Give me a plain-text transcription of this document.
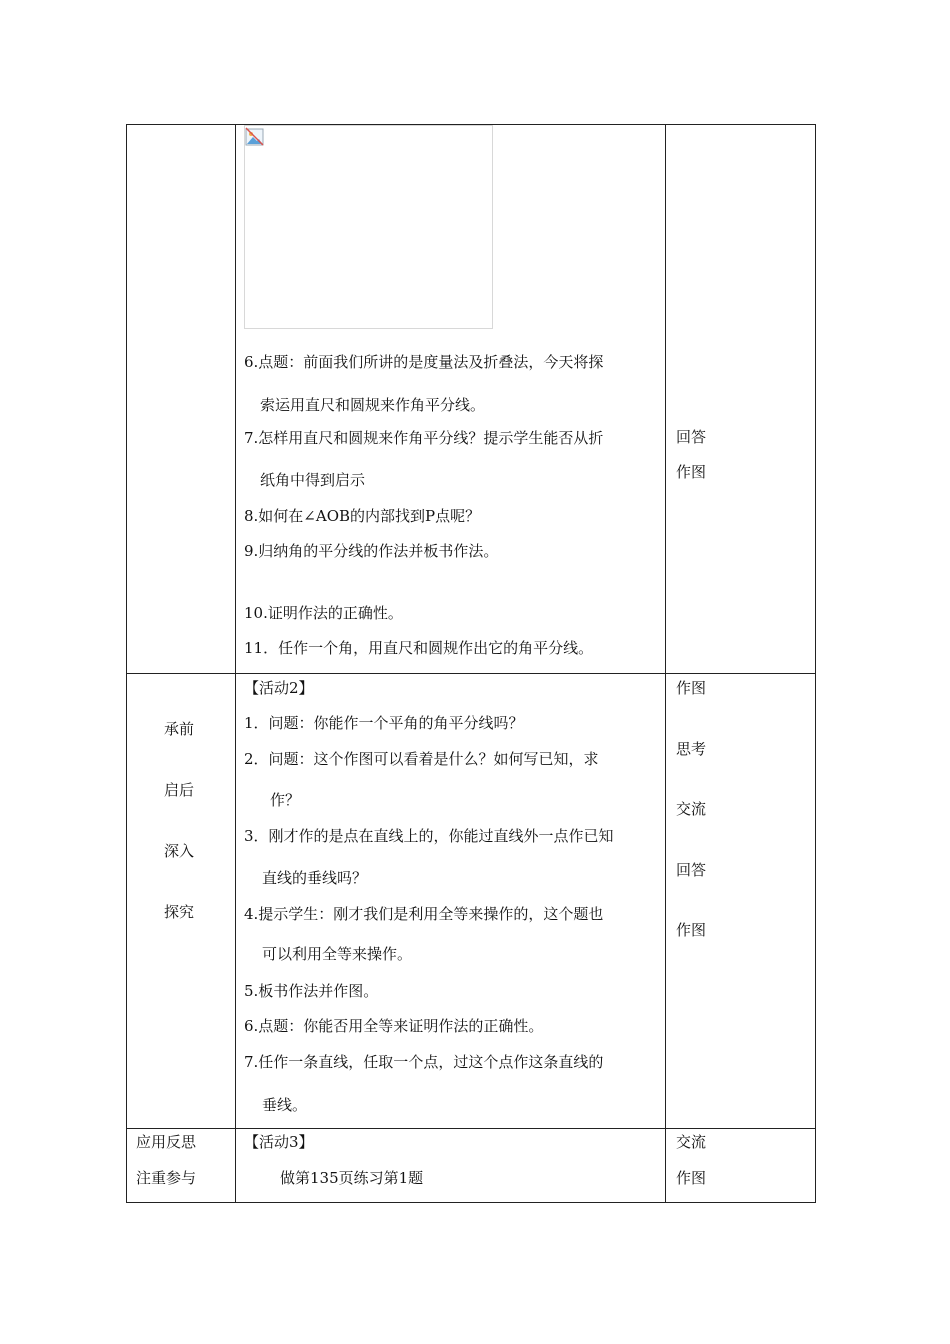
6.点题：前面我们所讲的是度量法及折叠法，今天将探
索运用直尺和圆规来作角平分线。
7.怎样用直尺和圆规来作角平分线？提示学生能否从折
纸角中得到启示
8.如何在∠AOB的内部找到P点呢？
9.归纳角的平分线的作法并板书作法。
10.证明作法的正确性。
11．任作一个角，用直尺和圆规作出它的角平分线。
回答
作图
承前
启后
深入
探究
【活动2】
1．问题：你能作一个平角的角平分线吗？
2．问题：这个作图可以看着是什么？如何写已知，求
作？
3．刚才作的是点在直线上的，你能过直线外一点作已知
直线的垂线吗？
4.提示学生：刚才我们是利用全等来操作的，这个题也
可以利用全等来操作。
5.板书作法并作图。
6.点题：你能否用全等来证明作法的正确性。
7.任作一条直线，任取一个点，过这个点作这条直线的
垂线。
作图
思考
交流
回答
作图
应用反思
注重参与
【活动3】
做第135页练习第1题
交流
作图
